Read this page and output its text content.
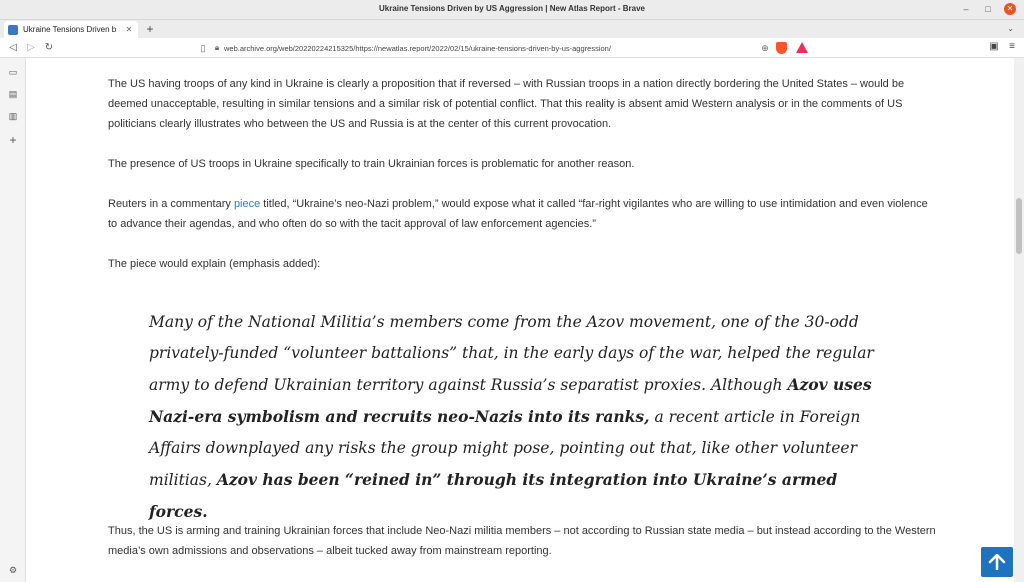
Ukraine Tensions Driven by US Aggression | New Atlas Report - Brave	–	□	✕
Ukraine Tensions Driven b	✕ +	⌄
◁	▷ ↻	▯	🔒︎ web.archive.org/web/20220224215325/https://newatlas.report/2022/02/15/ukraine-tensions-driven-by-us-aggression/	⊕	▣	≡
▭
▤
▥
+
⚙

The US having troops of any kind in Ukraine is clearly a proposition that if reversed – with Russian troops in a nation directly bordering the United States – would be deemed unacceptable, resulting in similar tensions and a similar risk of potential conflict. That this reality is absent amid Western analysis or in the comments of US politicians clearly illustrates who between the US and Russia is at the center of this current provocation.

The presence of US troops in Ukraine specifically to train Ukrainian forces is problematic for another reason.

Reuters in a commentary piece titled, “Ukraine’s neo-Nazi problem,” would expose what it called “far-right vigilantes who are willing to use intimidation and even violence to advance their agendas, and who often do so with the tacit approval of law enforcement agencies.”

The piece would explain (emphasis added):

Many of the National Militia’s members come from the Azov movement, one of the 30-odd privately-funded “volunteer battalions” that, in the early days of the war, helped the regular army to defend Ukrainian territory against Russia’s separatist proxies. Although Azov uses Nazi-era symbolism and recruits neo-Nazis into its ranks, a recent article in Foreign Affairs downplayed any risks the group might pose, pointing out that, like other volunteer militias, Azov has been “reined in” through its integration into Ukraine’s armed forces.

Thus, the US is arming and training Ukrainian forces that include Neo-Nazi militia members – not according to Russian state media – but instead according to the Western media’s own admissions and observations – albeit tucked away from mainstream reporting.
